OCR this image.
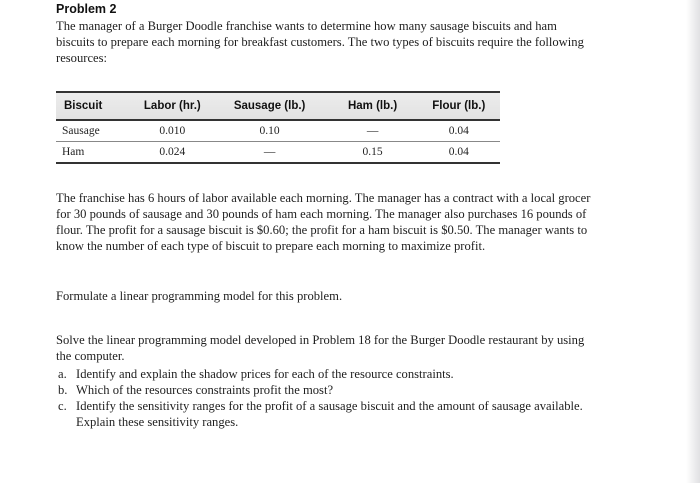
Problem 2

The manager of a Burger Doodle franchise wants to determine how many sausage biscuits and ham biscuits to prepare each morning for breakfast customers. The two types of biscuits require the following resources:

Biscuit	Labor (hr.)	Sausage (lb.)	Ham (lb.)	Flour (lb.)
Sausage	0.010	0.10	—	0.04
Ham	0.024	—	0.15	0.04

The franchise has 6 hours of labor available each morning. The manager has a contract with a local grocer for 30 pounds of sausage and 30 pounds of ham each morning. The manager also purchases 16 pounds of flour. The profit for a sausage biscuit is $0.60; the profit for a ham biscuit is $0.50. The manager wants to know the number of each type of biscuit to prepare each morning to maximize profit.

Formulate a linear programming model for this problem.

Solve the linear programming model developed in Problem 18 for the Burger Doodle restaurant by using the computer.

a. Identify and explain the shadow prices for each of the resource constraints.
b. Which of the resources constraints profit the most?
c. Identify the sensitivity ranges for the profit of a sausage biscuit and the amount of sausage available. Explain these sensitivity ranges.
